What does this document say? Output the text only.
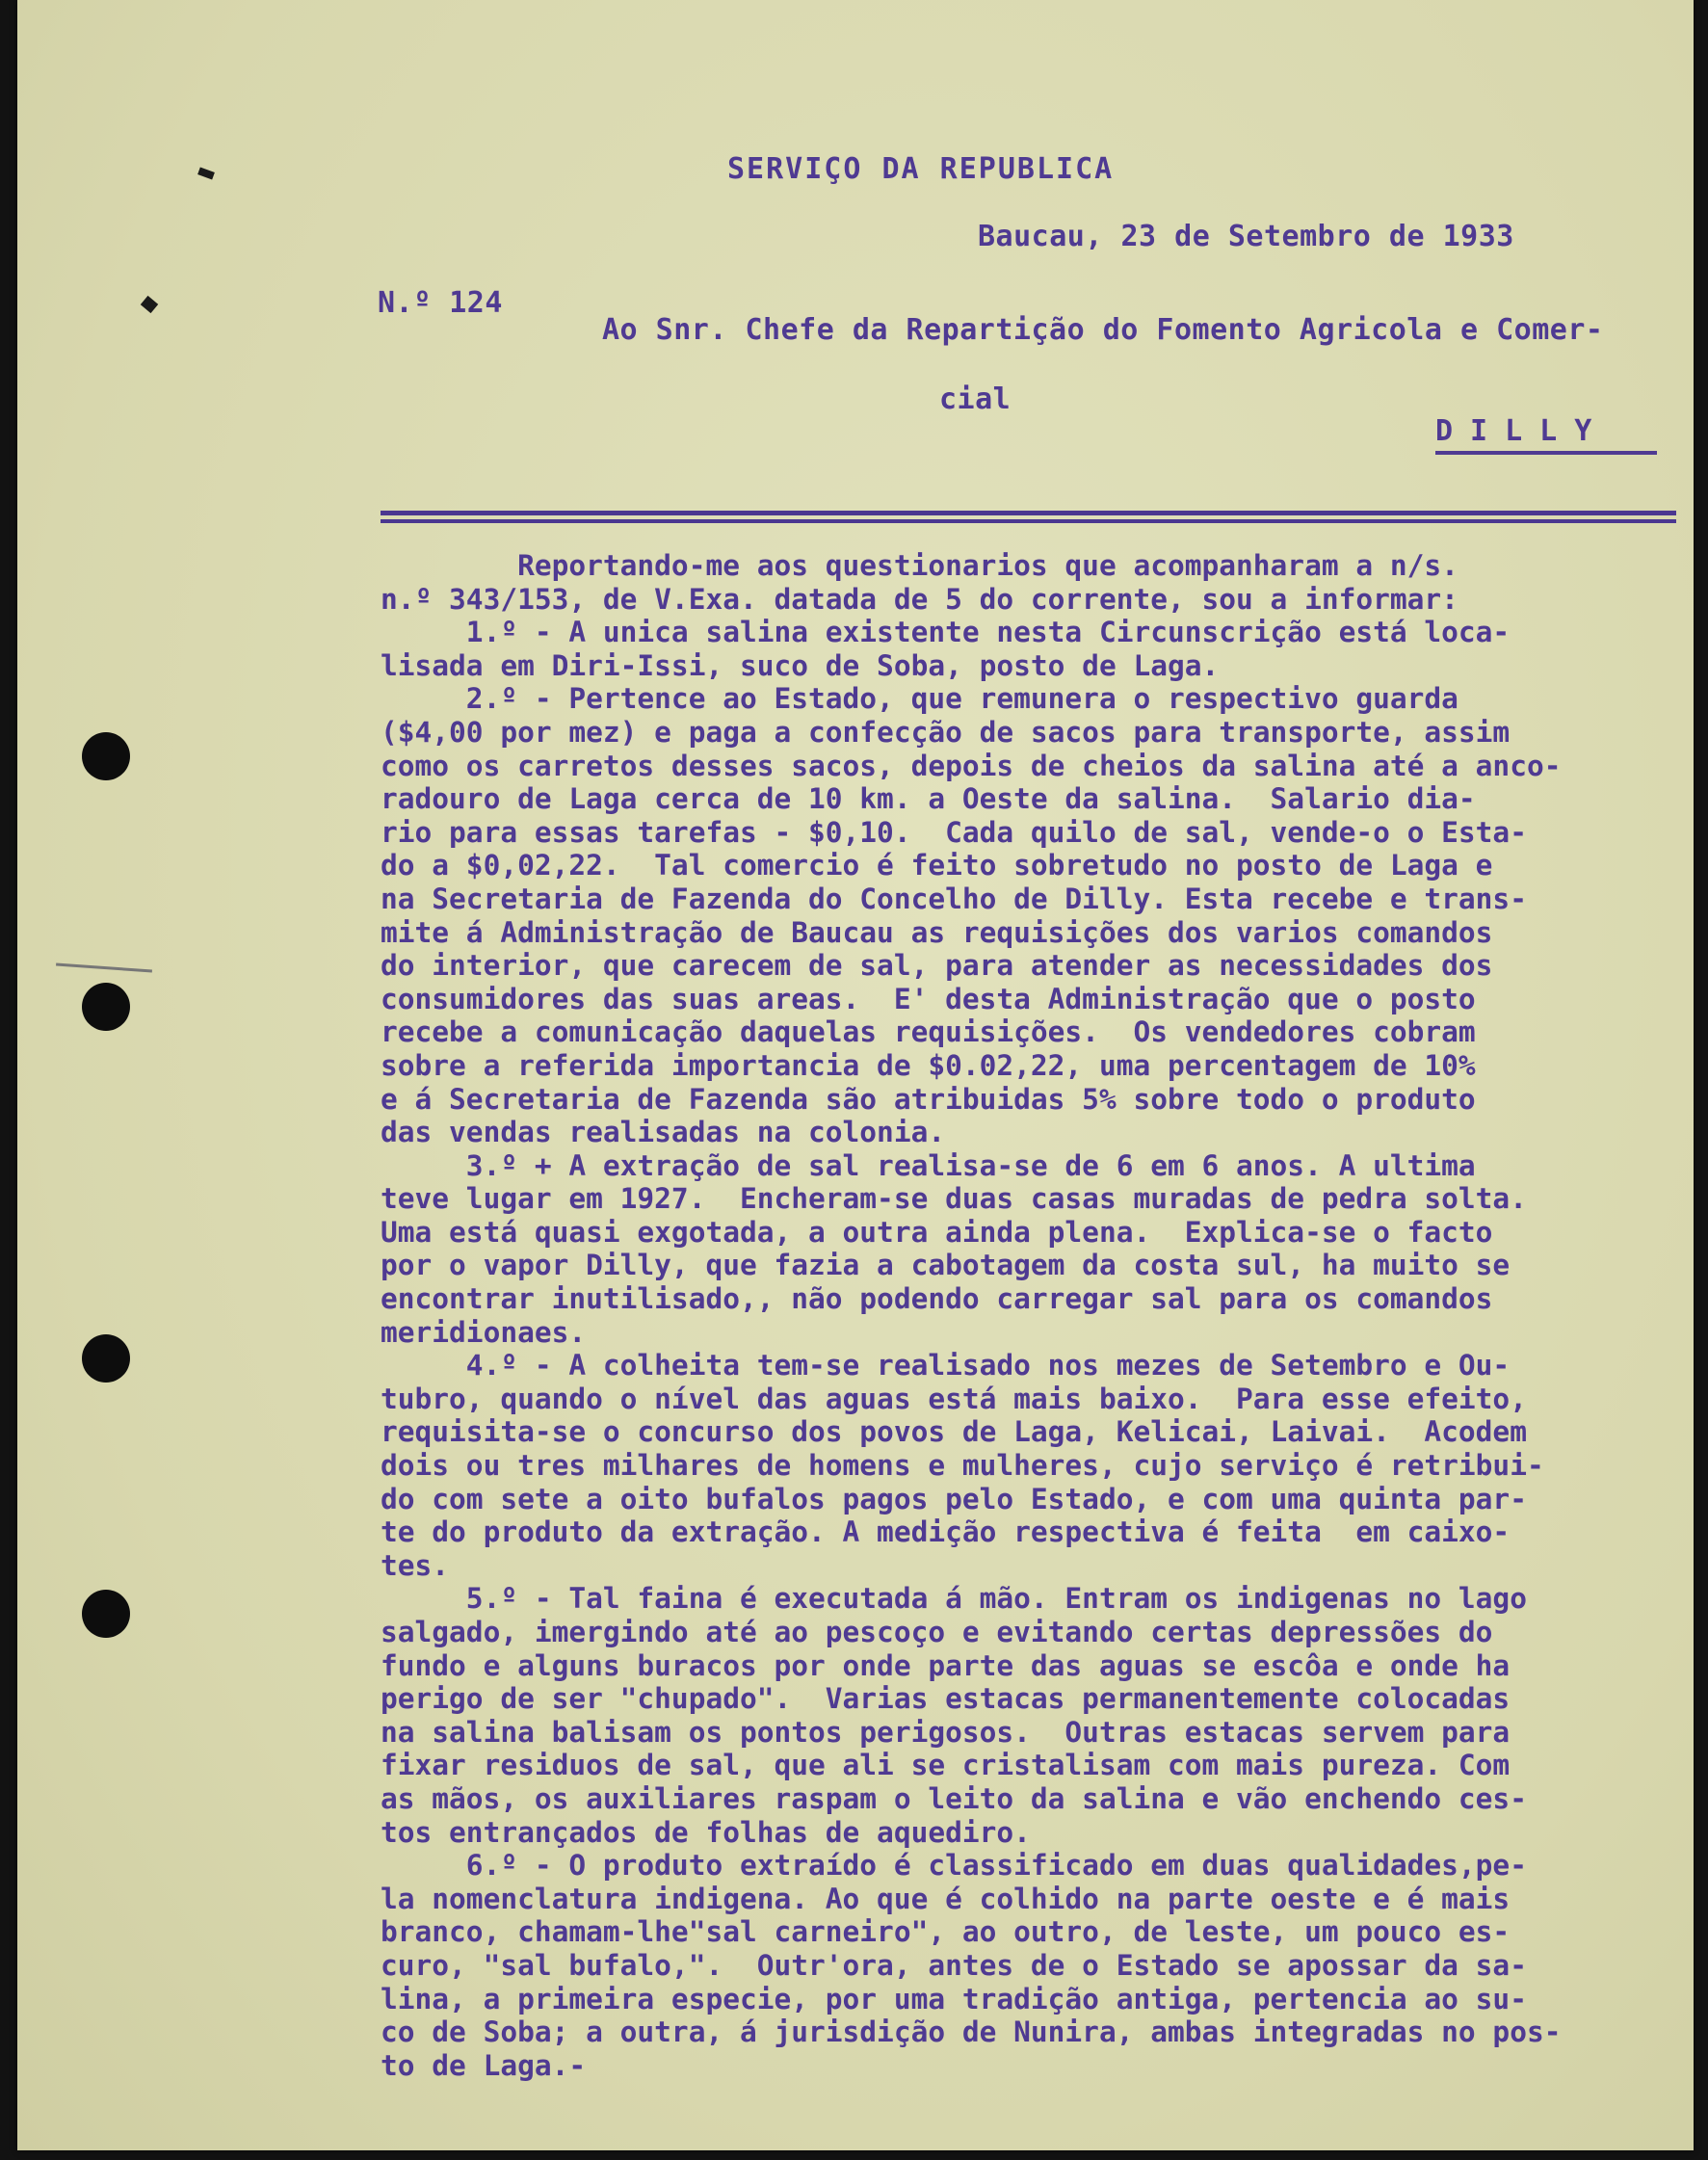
SERVIÇO DA REPUBLICA
Baucau, 23 de Setembro de 1933
N.º 124
Ao Snr. Chefe da Repartição do Fomento Agricola e Comer-
cial
DILLY
Reportando-me aos questionarios que acompanharam a n/s.
n.º 343/153, de V.Exa. datada de 5 do corrente, sou a informar:
1.º - A unica salina existente nesta Circunscrição está loca-
lisada em Diri-Issi, suco de Soba, posto de Laga.
2.º - Pertence ao Estado, que remunera o respectivo guarda
($4,00 por mez) e paga a confecção de sacos para transporte, assim
como os carretos desses sacos, depois de cheios da salina até a anco-
radouro de Laga cerca de 10 km. a Oeste da salina.  Salario dia-
rio para essas tarefas - $0,10.  Cada quilo de sal, vende-o o Esta-
do a $0,02,22.  Tal comercio é feito sobretudo no posto de Laga e
na Secretaria de Fazenda do Concelho de Dilly. Esta recebe e trans-
mite á Administração de Baucau as requisições dos varios comandos
do interior, que carecem de sal, para atender as necessidades dos
consumidores das suas areas.  E' desta Administração que o posto
recebe a comunicação daquelas requisições.  Os vendedores cobram
sobre a referida importancia de $0.02,22, uma percentagem de 10%
e á Secretaria de Fazenda são atribuidas 5% sobre todo o produto
das vendas realisadas na colonia.
3.º + A extração de sal realisa-se de 6 em 6 anos. A ultima
teve lugar em 1927.  Encheram-se duas casas muradas de pedra solta.
Uma está quasi exgotada, a outra ainda plena.  Explica-se o facto
por o vapor Dilly, que fazia a cabotagem da costa sul, ha muito se
encontrar inutilisado,, não podendo carregar sal para os comandos
meridionaes.
4.º - A colheita tem-se realisado nos mezes de Setembro e Ou-
tubro, quando o nível das aguas está mais baixo.  Para esse efeito,
requisita-se o concurso dos povos de Laga, Kelicai, Laivai.  Acodem
dois ou tres milhares de homens e mulheres, cujo serviço é retribui-
do com sete a oito bufalos pagos pelo Estado, e com uma quinta par-
te do produto da extração. A medição respectiva é feita  em caixo-
tes.
5.º - Tal faina é executada á mão. Entram os indigenas no lago
salgado, imergindo até ao pescoço e evitando certas depressões do
fundo e alguns buracos por onde parte das aguas se escôa e onde ha
perigo de ser "chupado".  Varias estacas permanentemente colocadas
na salina balisam os pontos perigosos.  Outras estacas servem para
fixar residuos de sal, que ali se cristalisam com mais pureza. Com
as mãos, os auxiliares raspam o leito da salina e vão enchendo ces-
tos entrançados de folhas de aquediro.
6.º - O produto extraído é classificado em duas qualidades,pe-
la nomenclatura indigena. Ao que é colhido na parte oeste e é mais
branco, chamam-lhe"sal carneiro", ao outro, de leste, um pouco es-
curo, "sal bufalo,".  Outr'ora, antes de o Estado se apossar da sa-
lina, a primeira especie, por uma tradição antiga, pertencia ao su-
co de Soba; a outra, á jurisdição de Nunira, ambas integradas no pos-
to de Laga.-
